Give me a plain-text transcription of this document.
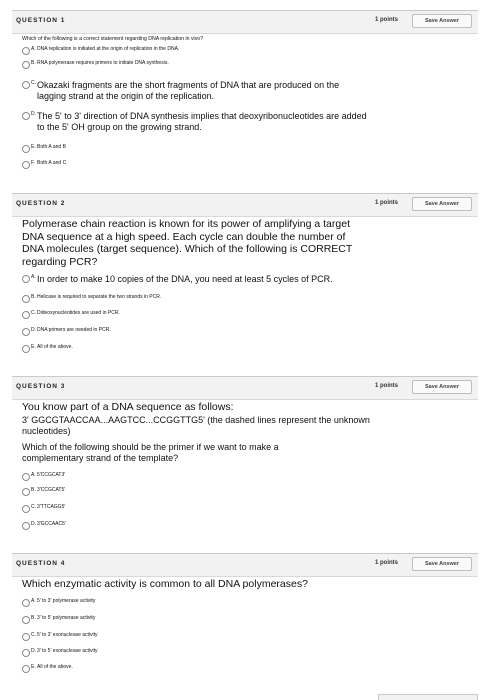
QUESTION 1	1 points	Save Answer
Which of the following is a correct statement regarding DNA replication in vivo?
A. DNA replication is initiated at the origin of replication in the DNA.
B. RNA polymerase requires primers to initiate DNA synthesis.
C. Okazaki fragments are the short fragments of DNA that are produced on the lagging strand at the origin of the replication.
D. The 5' to 3' direction of DNA synthesis implies that deoxyribonucleotides are added to the 5' OH group on the growing strand.
E. Both A and B
F. Both A and C
QUESTION 2	1 points	Save Answer
Polymerase chain reaction is known for its power of amplifying a target DNA sequence at a high speed. Each cycle can double the number of DNA molecules (target sequence). Which of the following is CORRECT regarding PCR?
A. In order to make 10 copies of the DNA, you need at least 5 cycles of PCR.
B. Helicase is required to separate the two strands in PCR.
C. Dideoxynucleotides are used in PCR.
D. DNA primers are needed in PCR.
E. All of the above.
QUESTION 3	1 points	Save Answer
You know part of a DNA sequence as follows:
3' GGCGTAACCAA...AAGTCC...CCGGTTG5' (the dashed lines represent the unknown nucleotides)
Which of the following should be the primer if we want to make a complementary strand of the template?
A. 5'CCGCAT3'
B. 3'CCGCAT5'
C. 3'TTCAGG5'
D. 3'GCCAAC5'
QUESTION 4	1 points	Save Answer
Which enzymatic activity is common to all DNA polymerases?
A. 5' to 3' polymerase activity
B. 3' to 5' polymerase activity
C. 5' to 3' exonuclease activity
D. 3' to 5' exonuclease activity
E. All of the above.
